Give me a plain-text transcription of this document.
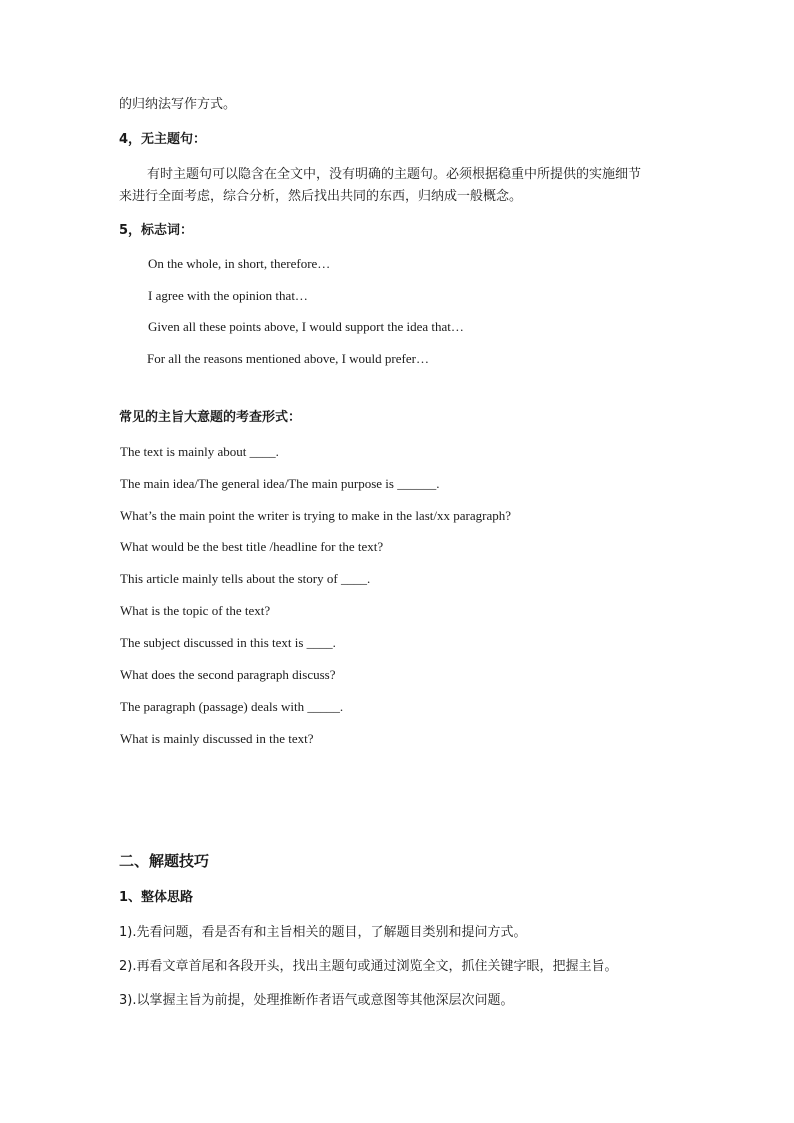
的归纳法写作方式。
4，无主题句：
有时主题句可以隐含在全文中，没有明确的主题句。必须根据稳重中所提供的实施细节
来进行全面考虑，综合分析，然后找出共同的东西，归纳成一般概念。
5，标志词：
On the whole, in short, therefore…
I agree with the opinion that…
Given all these points above, I would support the idea that…
For all the reasons mentioned above, I would prefer…
常见的主旨大意题的考查形式：
The text is mainly about ____.
The main idea/The general idea/The main purpose is ______.
What’s the main point the writer is trying to make in the last/xx paragraph?
What would be the best title /headline for the text?
This article mainly tells about the story of ____.
What is the topic of the text?
The subject discussed in this text is ____.
What does the second paragraph discuss?
The paragraph (passage) deals with _____.
What is mainly discussed in the text?
二、解题技巧
1、整体思路
1).先看问题，看是否有和主旨相关的题目，了解题目类别和提问方式。
2).再看文章首尾和各段开头，找出主题句或通过浏览全文，抓住关键字眼，把握主旨。
3).以掌握主旨为前提，处理推断作者语气或意图等其他深层次问题。
